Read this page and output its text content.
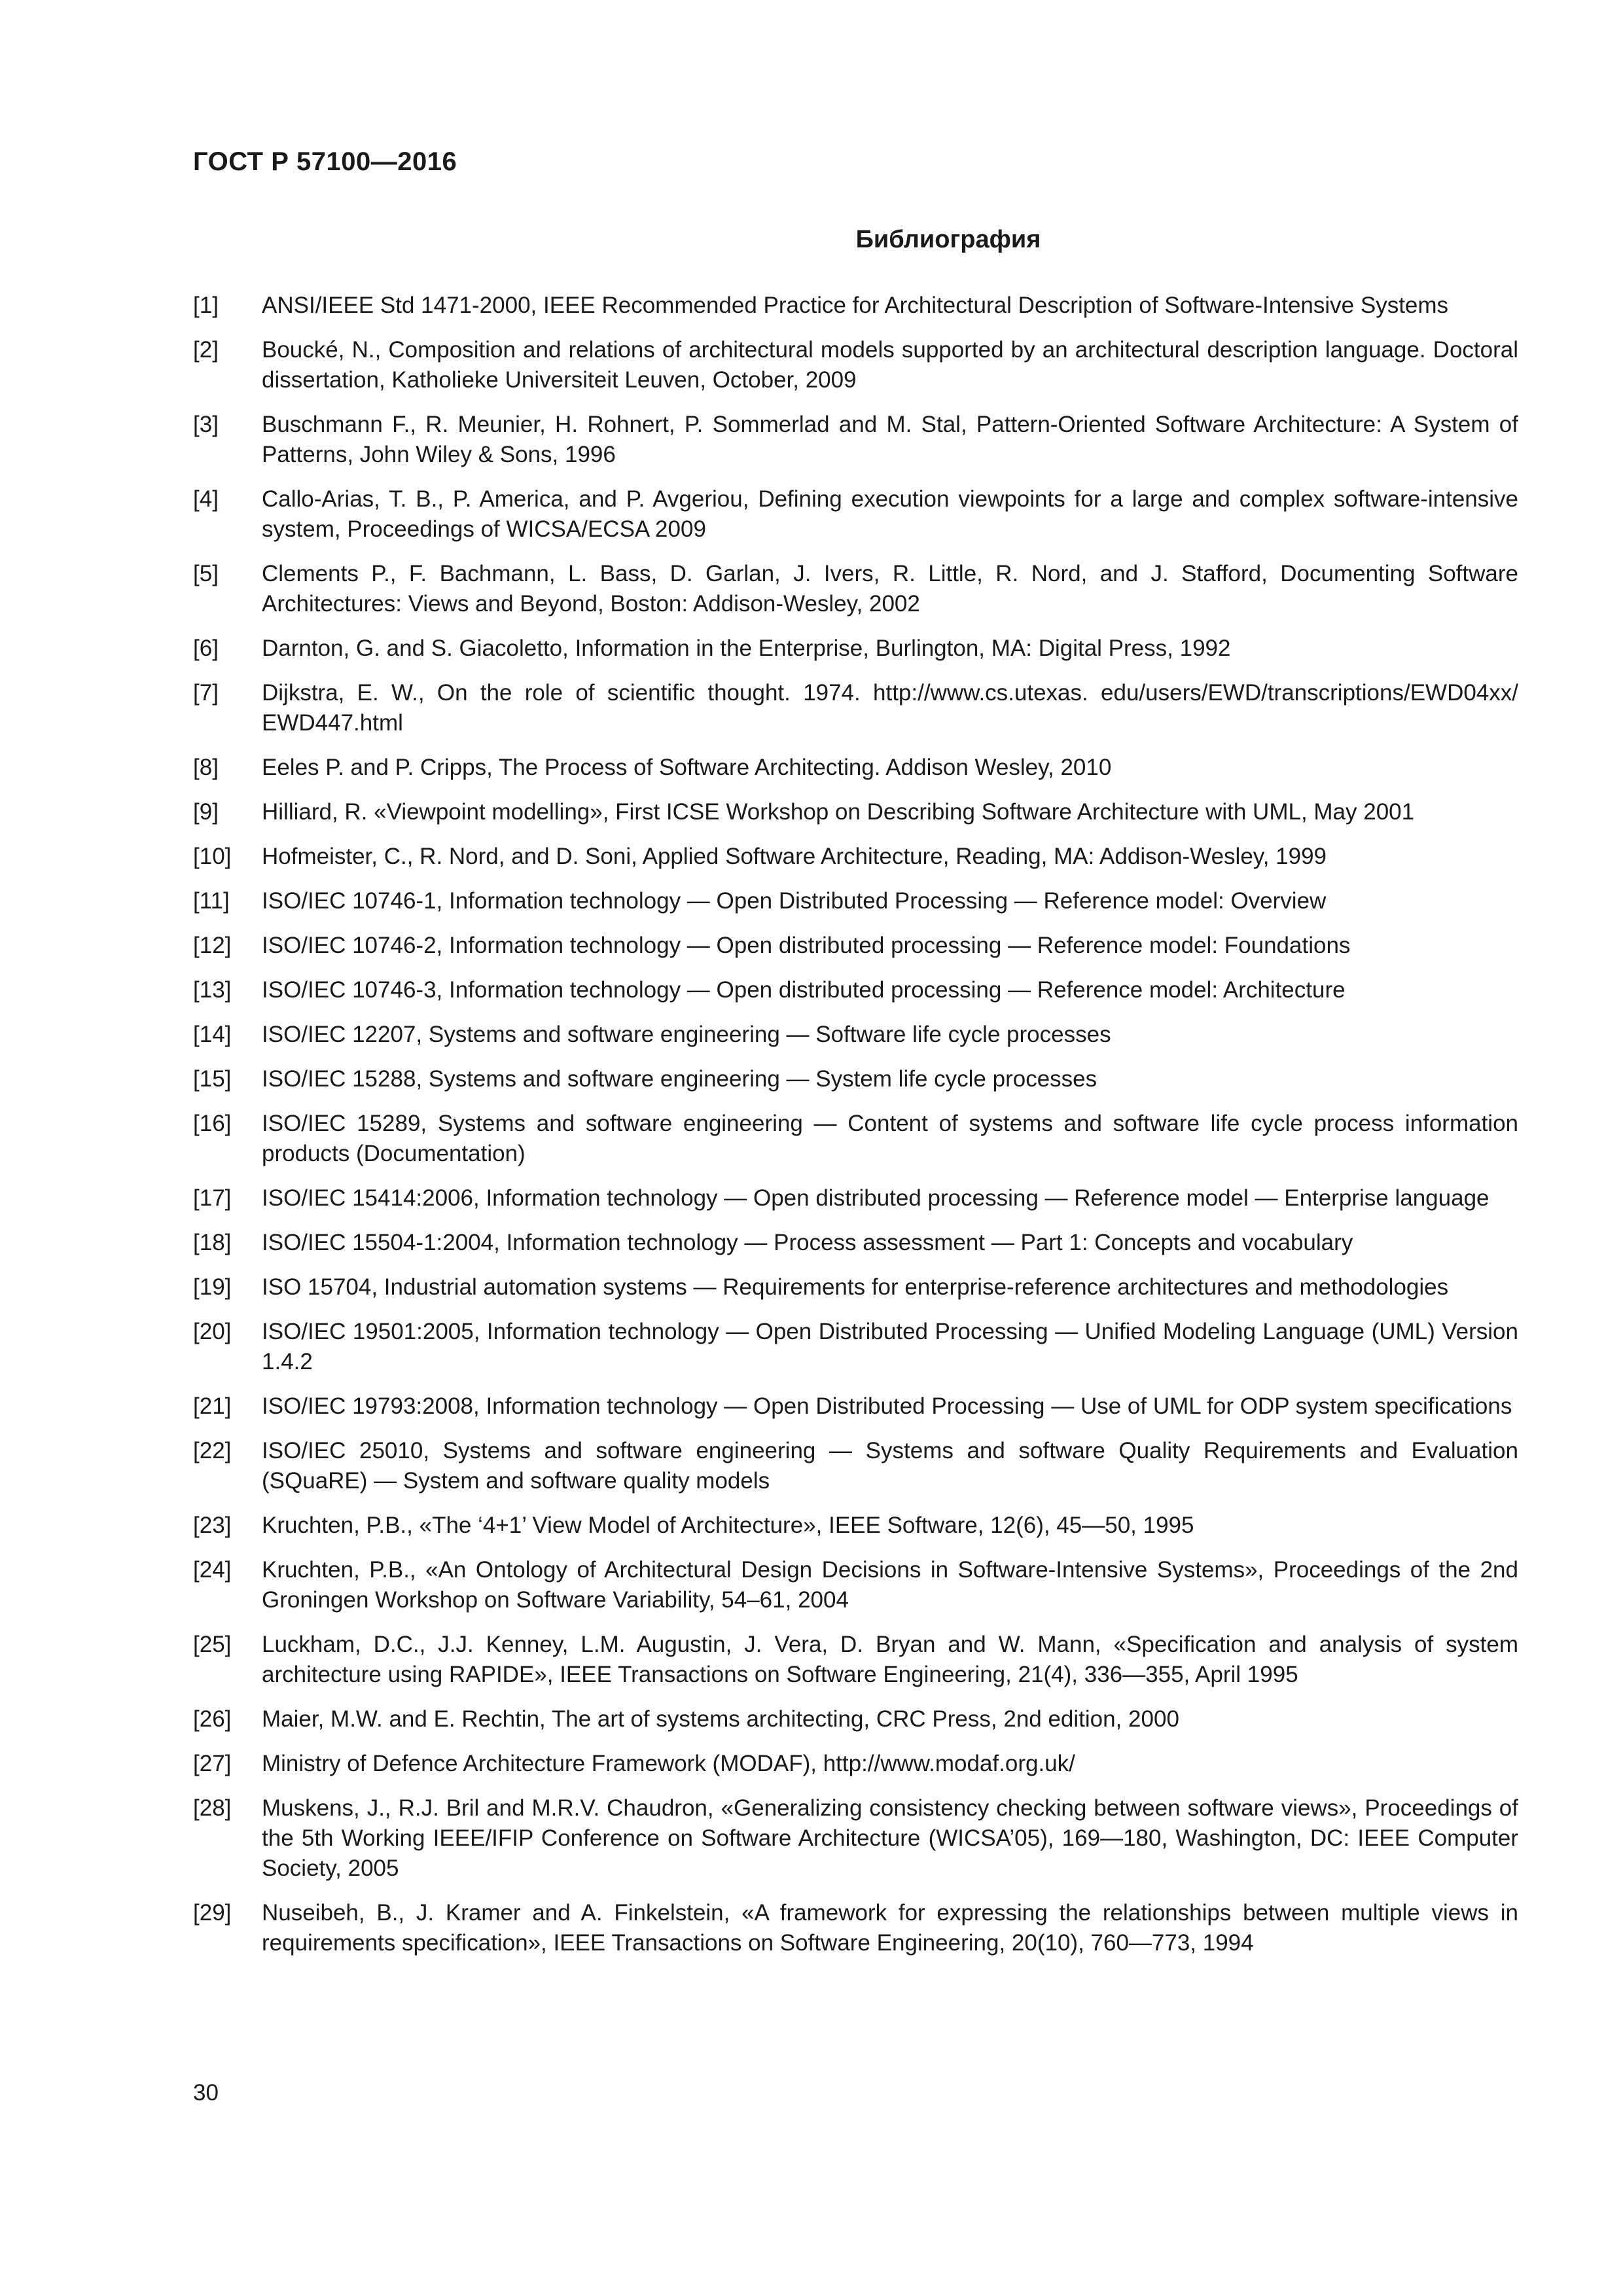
ГОСТ Р 57100—2016
Библиография
[1]	ANSI/IEEE Std 1471-2000, IEEE Recommended Practice for Architectural Description of Software-Intensive Systems
[2]	Boucké, N., Composition and relations of architectural models supported by an architectural description language. Doctoral dissertation, Katholieke Universiteit Leuven, October, 2009
[3]	Buschmann F., R. Meunier, H. Rohnert, P. Sommerlad and M. Stal, Pattern-Oriented Software Architecture: A System of Patterns, John Wiley & Sons, 1996
[4]	Callo-Arias, T. B., P. America, and P. Avgeriou, Defining execution viewpoints for a large and complex software-intensive system, Proceedings of WICSA/ECSA 2009
[5]	Clements P., F. Bachmann, L. Bass, D. Garlan, J. Ivers, R. Little, R. Nord, and J. Stafford, Documenting Software Architectures: Views and Beyond, Boston: Addison-Wesley, 2002
[6]	Darnton, G. and S. Giacoletto, Information in the Enterprise, Burlington, MA: Digital Press, 1992
[7]	Dijkstra, E. W., On the role of scientific thought. 1974. http://www.cs.utexas. edu/users/EWD/transcriptions/EWD04xx/ EWD447.html
[8]	Eeles P. and P. Cripps, The Process of Software Architecting. Addison Wesley, 2010
[9]	Hilliard, R. «Viewpoint modelling», First ICSE Workshop on Describing Software Architecture with UML, May 2001
[10]	Hofmeister, C., R. Nord, and D. Soni, Applied Software Architecture, Reading, MA: Addison-Wesley, 1999
[11]	ISO/IEC 10746-1, Information technology — Open Distributed Processing — Reference model: Overview
[12]	ISO/IEC 10746-2, Information technology — Open distributed processing — Reference model: Foundations
[13]	ISO/IEC 10746-3, Information technology — Open distributed processing — Reference model: Architecture
[14]	ISO/IEC 12207, Systems and software engineering — Software life cycle processes
[15]	ISO/IEC 15288, Systems and software engineering — System life cycle processes
[16]	ISO/IEC 15289, Systems and software engineering — Content of systems and software life cycle process information products (Documentation)
[17]	ISO/IEC 15414:2006, Information technology — Open distributed processing — Reference model — Enterprise language
[18]	ISO/IEC 15504-1:2004, Information technology — Process assessment — Part 1: Concepts and vocabulary
[19]	ISO 15704, Industrial automation systems — Requirements for enterprise-reference architectures and methodologies
[20]	ISO/IEC 19501:2005, Information technology — Open Distributed Processing — Unified Modeling Language (UML) Version 1.4.2
[21]	ISO/IEC 19793:2008, Information technology — Open Distributed Processing — Use of UML for ODP system specifications
[22]	ISO/IEC 25010, Systems and software engineering — Systems and software Quality Requirements and Evaluation (SQuaRE) — System and software quality models
[23]	Kruchten, P.B., «The ‘4+1’ View Model of Architecture», IEEE Software, 12(6), 45—50, 1995
[24]	Kruchten, P.B., «An Ontology of Architectural Design Decisions in Software-Intensive Systems», Proceedings of the 2nd Groningen Workshop on Software Variability, 54–61, 2004
[25]	Luckham, D.C., J.J. Kenney, L.M. Augustin, J. Vera, D. Bryan and W. Mann, «Specification and analysis of system architecture using RAPIDE», IEEE Transactions on Software Engineering, 21(4), 336—355, April 1995
[26]	Maier, M.W. and E. Rechtin, The art of systems architecting, CRC Press, 2nd edition, 2000
[27]	Ministry of Defence Architecture Framework (MODAF), http://www.modaf.org.uk/
[28]	Muskens, J., R.J. Bril and M.R.V. Chaudron, «Generalizing consistency checking between software views», Proceedings of the 5th Working IEEE/IFIP Conference on Software Architecture (WICSA’05), 169—180, Washington, DC: IEEE Computer Society, 2005
[29]	Nuseibeh, B., J. Kramer and A. Finkelstein, «A framework for expressing the relationships between multiple views in requirements specification», IEEE Transactions on Software Engineering, 20(10), 760—773, 1994
30
